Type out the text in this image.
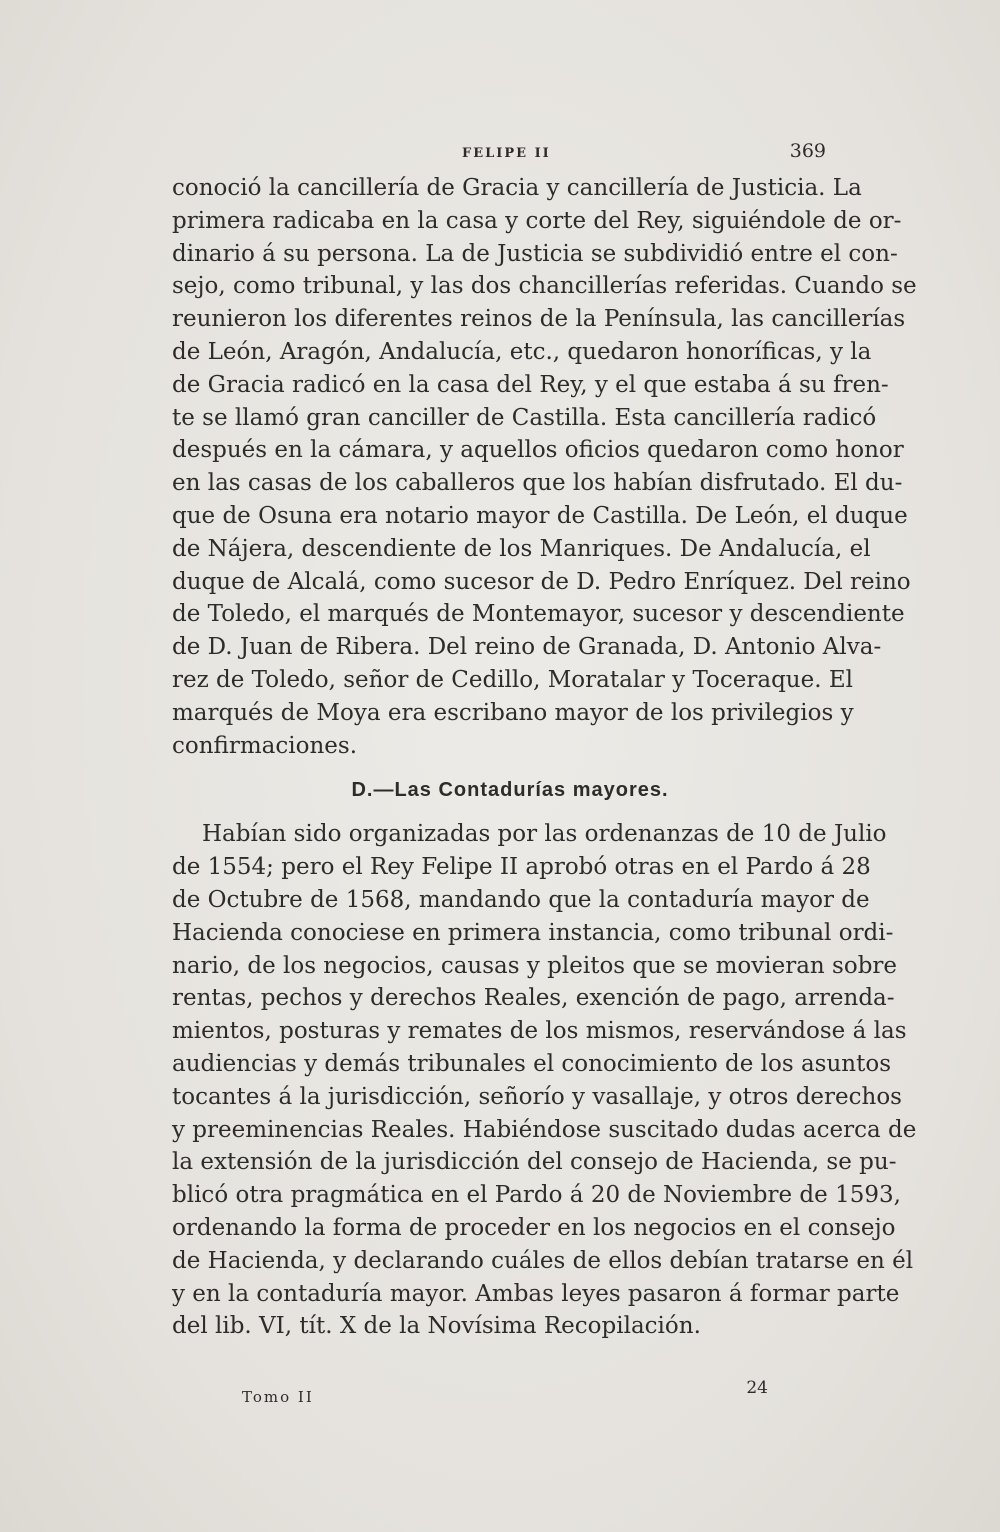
FELIPE II	369
conoció la cancillería de Gracia y cancillería de Justicia. La
primera radicaba en la casa y corte del Rey, siguiéndole de or-
dinario á su persona. La de Justicia se subdividió entre el con-
sejo, como tribunal, y las dos chancillerías referidas. Cuando se
reunieron los diferentes reinos de la Península, las cancillerías
de León, Aragón, Andalucía, etc., quedaron honoríficas, y la
de Gracia radicó en la casa del Rey, y el que estaba á su fren-
te se llamó gran canciller de Castilla. Esta cancillería radicó
después en la cámara, y aquellos oficios quedaron como honor
en las casas de los caballeros que los habían disfrutado. El du-
que de Osuna era notario mayor de Castilla. De León, el duque
de Nájera, descendiente de los Manriques. De Andalucía, el
duque de Alcalá, como sucesor de D. Pedro Enríquez. Del reino
de Toledo, el marqués de Montemayor, sucesor y descendiente
de D. Juan de Ribera. Del reino de Granada, D. Antonio Alva-
rez de Toledo, señor de Cedillo, Moratalar y Toceraque. El
marqués de Moya era escribano mayor de los privilegios y
confirmaciones.
D.—Las Contadurías mayores.
Habían sido organizadas por las ordenanzas de 10 de Julio
de 1554; pero el Rey Felipe II aprobó otras en el Pardo á 28
de Octubre de 1568, mandando que la contaduría mayor de
Hacienda conociese en primera instancia, como tribunal ordi-
nario, de los negocios, causas y pleitos que se movieran sobre
rentas, pechos y derechos Reales, exención de pago, arrenda-
mientos, posturas y remates de los mismos, reservándose á las
audiencias y demás tribunales el conocimiento de los asuntos
tocantes á la jurisdicción, señorío y vasallaje, y otros derechos
y preeminencias Reales. Habiéndose suscitado dudas acerca de
la extensión de la jurisdicción del consejo de Hacienda, se pu-
blicó otra pragmática en el Pardo á 20 de Noviembre de 1593,
ordenando la forma de proceder en los negocios en el consejo
de Hacienda, y declarando cuáles de ellos debían tratarse en él
y en la contaduría mayor. Ambas leyes pasaron á formar parte
del lib. VI, tít. X de la Novísima Recopilación.
Tomo II	24
